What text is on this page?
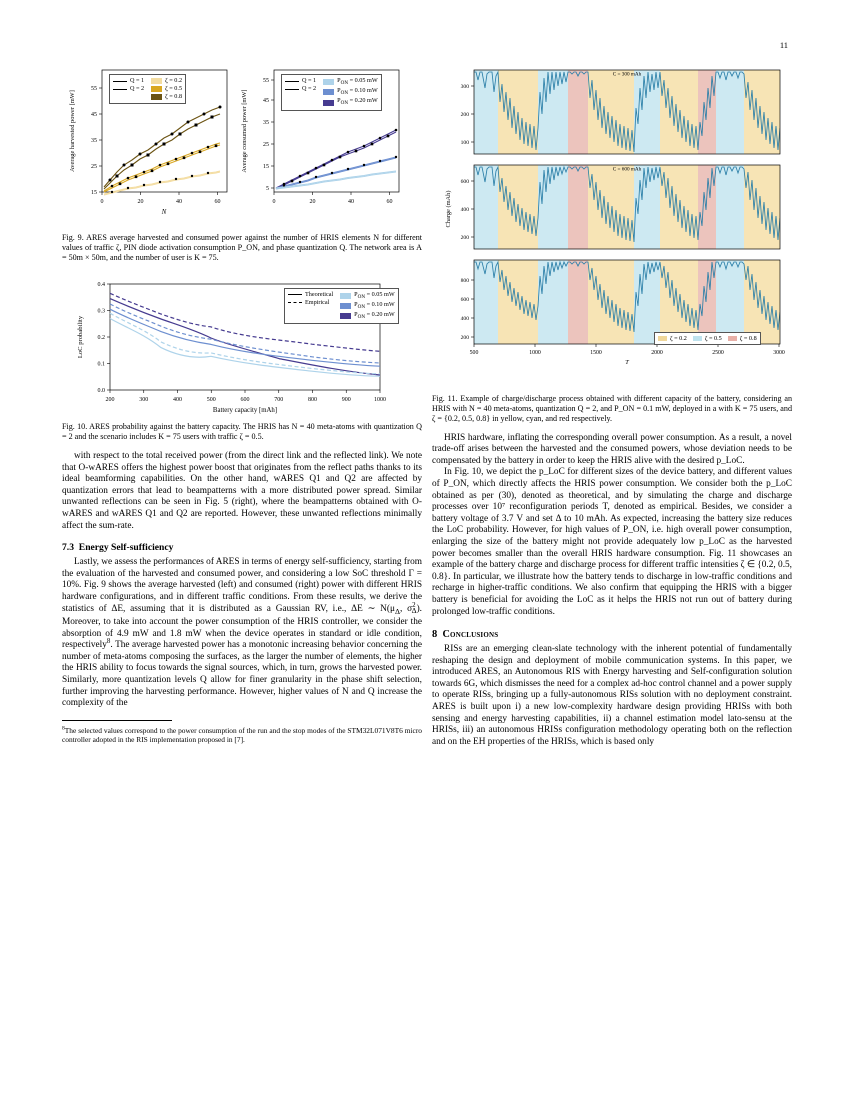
11
0	20	40	60
15
25
35
45
55
Average harvested power [mW]
N
0	20	40	60
5
15
25
35
45
55
Average consumed power [mW]
Q = 1
Q = 2
ζ = 0.2
ζ = 0.5
ζ = 0.8
Q = 1
Q = 2
$P_{ON} = 0.05$ mW
$P_{ON} = 0.10$ mW
$P_{ON} = 0.20$ mW
Fig. 9. ARES average harvested and consumed power against the number of HRIS elements N for different values of traffic ζ, PIN diode activation consumption P_ON, and phase quantization Q. The network area is A = 50m × 50m, and the number of user is K = 75.
200	300	400	500	600	700	800	900	1000
0.0
0.1
0.2
0.3
0.4
LoC probability
Battery capacity [mAh]
Theoretical
Empirical
$P_{ON} = 0.05$ mW
$P_{ON} = 0.10$ mW
$P_{ON} = 0.20$ mW
Fig. 10. ARES probability against the battery capacity. The HRIS has N = 40 meta-atoms with quantization Q = 2 and the scenario includes K = 75 users with traffic ζ = 0.5.

with respect to the total received power (from the direct link and the reflected link). We note that O-wARES offers the highest power boost that originates from the reflect paths thanks to its ideal beamforming capabilities. On the other hand, wARES Q1 and Q2 are affected by quantization errors that lead to beampatterns with a more distributed power spread. Similar unwanted reflections can be seen in Fig. 5 (right), where the beampatterns obtained with O-wARES and wARES Q1 and Q2 are reported. However, these unwanted reflections minimally affect the sum-rate.

7.3 Energy Self-sufficiency

Lastly, we assess the performances of ARES in terms of energy self-sufficiency, starting from the evaluation of the harvested and consumed power, and considering a low SoC threshold Γ = 10%. Fig. 9 shows the average harvested (left) and consumed (right) power with different HRIS hardware configurations, and in different traffic conditions. From these results, we derive the statistics of ΔE, assuming that it is distributed as a Gaussian RV, i.e., ΔE ∼ $N(\mu_\Delta$, $\sigma^2_\Delta$). Moreover, to take into account the power consumption of the HRIS controller, we consider the absorption of 4.9 mW and 1.8 mW when the device operates in standard or idle condition, respectively$^8$. The average harvested power has a monotonic increasing behavior concerning the number of meta-atoms composing the surfaces, as the larger the number of elements, the higher the HRIS ability to focus towards the signal sources, which, in turn, grows the harvested power. Similarly, more quantization levels Q allow for finer granularity in the phase shift selection, further improving the harvesting performance. However, higher values of N and Q increase the complexity of the

$^8$The selected values correspond to the power consumption of the run and the stop modes of the STM32L071V8T6 micro controller adopted in the RIS implementation proposed in [7].
C = 300 mAh
100
200
300
C = 600 mAh
200
400
600
Charge (mAh)
200
400
600
800
500	1000	1500	2000	2500	3000
T
ζ = 0.2	ζ = 0.5	ζ = 0.8
Fig. 11. Example of charge/discharge process obtained with different capacity of the battery, considering an HRIS with N = 40 meta-atoms, quantization Q = 2, and P_ON = 0.1 mW, deployed in a with K = 75 users, and ζ = {0.2, 0.5, 0.8} in yellow, cyan, and red respectively.

HRIS hardware, inflating the corresponding overall power consumption. As a result, a novel trade-off arises between the harvested and the consumed powers, whose deviation needs to be compensated by the battery in order to keep the HRIS alive with the desired p_LoC.

In Fig. 10, we depict the p_LoC for different sizes of the device battery, and different values of P_ON, which directly affects the HRIS power consumption. We consider both the p_LoC obtained as per (30), denoted as theoretical, and by simulating the charge and discharge processes over 10⁷ reconfiguration periods T, denoted as empirical. Besides, we consider a battery voltage of 3.7 V and set Δ to 10 mAh. As expected, increasing the battery size reduces the LoC probability. However, for high values of P_ON, i.e. high overall power consumption, enlarging the size of the battery might not provide adequately low p_LoC as the harvested power becomes smaller than the overall HRIS hardware consumption. Fig. 11 showcases an example of the battery charge and discharge process for different traffic intensities ζ ∈ {0.2, 0.5, 0.8}. In particular, we illustrate how the battery tends to discharge in low-traffic conditions and recharge in higher-traffic conditions. We also confirm that equipping the HRIS with a bigger battery is beneficial for avoiding the LoC as it helps the HRIS not run out of battery during prolonged low-traffic conditions.

8 Conclusions

RISs are an emerging clean-slate technology with the inherent potential of fundamentally reshaping the design and deployment of mobile communication systems. In this paper, we introduced ARES, an Autonomous RIS with Energy harvesting and Self-configuration solution towards 6G, which dismisses the need for a complex ad-hoc control channel and a power supply to operate RISs, bringing up a fully-autonomous RISs solution with no deployment constraint. ARES is built upon i) a new low-complexity hardware design providing HRISs with both sensing and energy harvesting capabilities, ii) a channel estimation model lato-sensu at the HRISs, iii) an autonomous HRISs configuration methodology operating both on the reflection and on the EH properties of the HRISs, which is based only
